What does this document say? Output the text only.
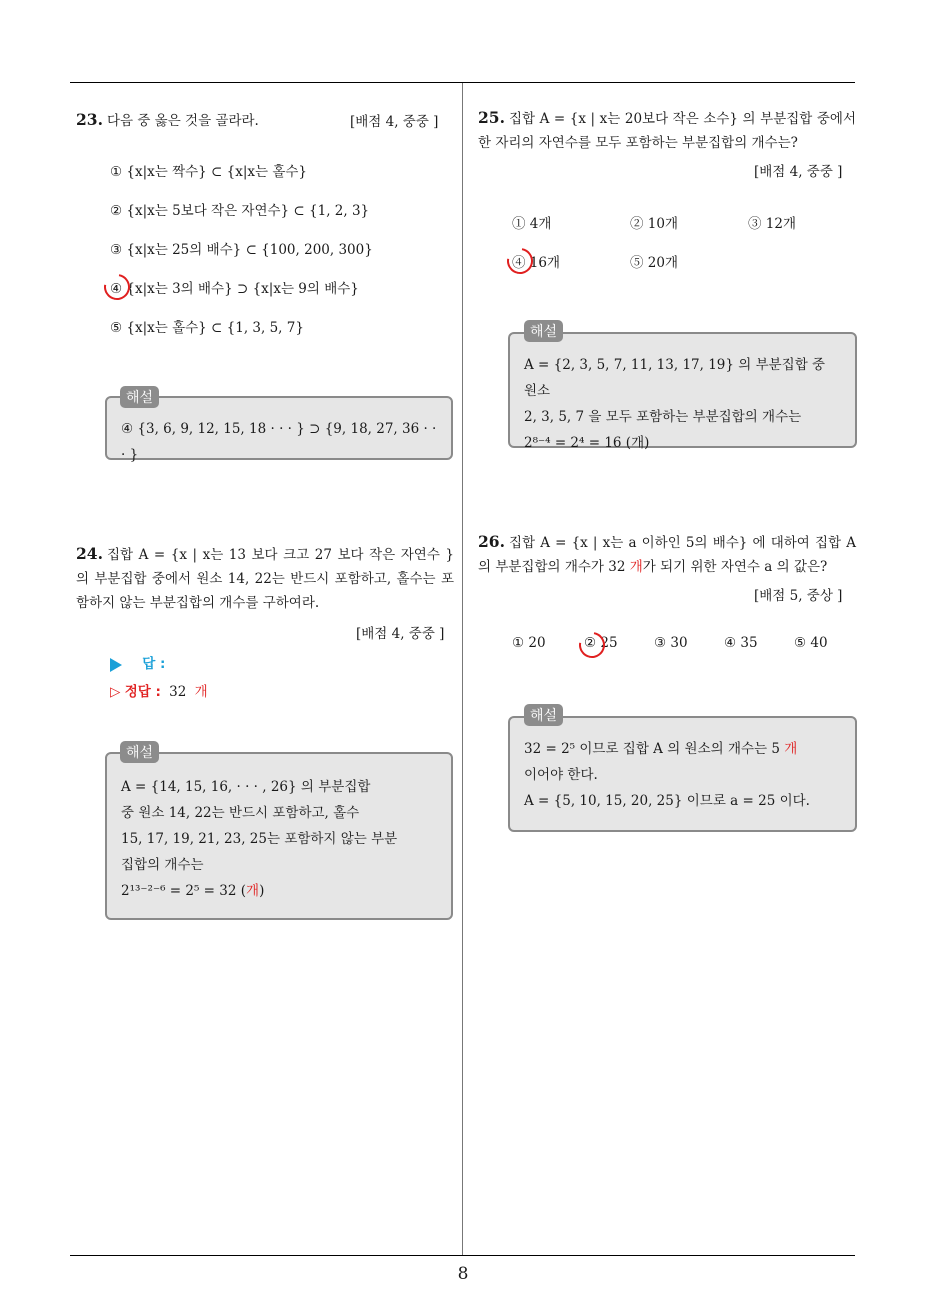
8
23. 다음 중 옳은 것을 골라라.	[배점 4, 중중 ]
① {x|x는 짝수} ⊂ {x|x는 홀수}
② {x|x는 5보다 작은 자연수} ⊂ {1, 2, 3}
③ {x|x는 25의 배수} ⊂ {100, 200, 300}
④ {x|x는 3의 배수} ⊃ {x|x는 9의 배수}
⑤ {x|x는 홀수} ⊂ {1, 3, 5, 7}
④ {3, 6, 9, 12, 15, 18 · · · } ⊃ {9, 18, 27, 36 · · · }
해설
24. 집합 A = {x | x는 13 보다 크고 27 보다 작은 자연수 } 의 부분집합 중에서 원소 14, 22는 반드시 포함하고, 홀수는 포함하지 않는 부분집합의 개수를 구하여라.
[배점 4, 중중 ]
답 :
▷ 정답 : 32 개
A = {14, 15, 16, · · · , 26} 의 부분집합
중 원소 14, 22는 반드시 포함하고, 홀수
15, 17, 19, 21, 23, 25는 포함하지 않는 부분
집합의 개수는
2¹³⁻²⁻⁶ = 2⁵ = 32 (개)
해설
25. 집합 A = {x | x는 20보다 작은 소수} 의 부분집합 중에서 한 자리의 자연수를 모두 포함하는 부분집합의 개수는?
[배점 4, 중중 ]
① 4개	② 10개	③ 12개
④ 16개	⑤ 20개
A = {2, 3, 5, 7, 11, 13, 17, 19} 의 부분집합 중 원소
2, 3, 5, 7 을 모두 포함하는 부분집합의 개수는
2⁸⁻⁴ = 2⁴ = 16 (개)
해설
26. 집합 A = {x | x는 a 이하인 5의 배수} 에 대하여 집합 A 의 부분집합의 개수가 32 개가 되기 위한 자연수 a 의 값은?
[배점 5, 중상 ]
① 20	② 25	③ 30	④ 35	⑤ 40
32 = 2⁵ 이므로 집합 A 의 원소의 개수는 5 개
이어야 한다.
A = {5, 10, 15, 20, 25} 이므로 a = 25 이다.
해설
